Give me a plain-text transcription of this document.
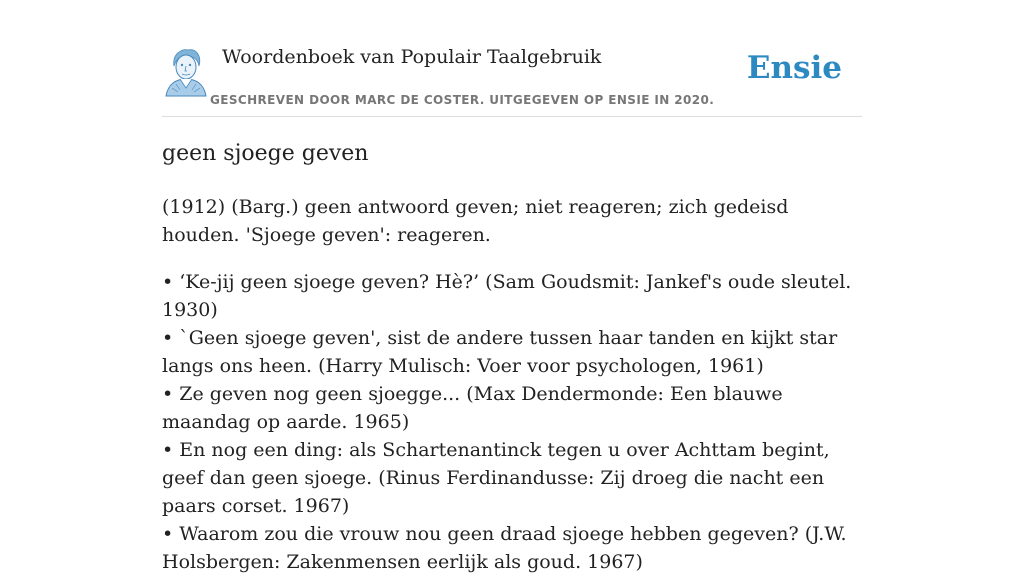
Woordenboek van Populair Taalgebruik
GESCHREVEN DOOR MARC DE COSTER. UITGEGEVEN OP ENSIE IN 2020.
Ensie
geen sjoege geven

(1912) (Barg.) geen antwoord geven; niet reageren; zich gedeisd houden. 'Sjoege geven': reageren.

• ‘Ke-jij geen sjoege geven? Hè?’ (Sam Goudsmit: Jankef's oude sleutel. 1930)
• `Geen sjoege geven', sist de andere tussen haar tanden en kijkt star langs ons heen. (Harry Mulisch: Voer voor psychologen, 1961)
• Ze geven nog geen sjoegge... (Max Dendermonde: Een blauwe maandag op aarde. 1965)
• En nog een ding: als Schartenantinck tegen u over Achttam begint, geef dan geen sjoege. (Rinus Ferdinandusse: Zij droeg die nacht een paars corset. 1967)
• Waarom zou die vrouw nou geen draad sjoege hebben gegeven? (J.W. Holsbergen: Zakenmensen eerlijk als goud. 1967)
